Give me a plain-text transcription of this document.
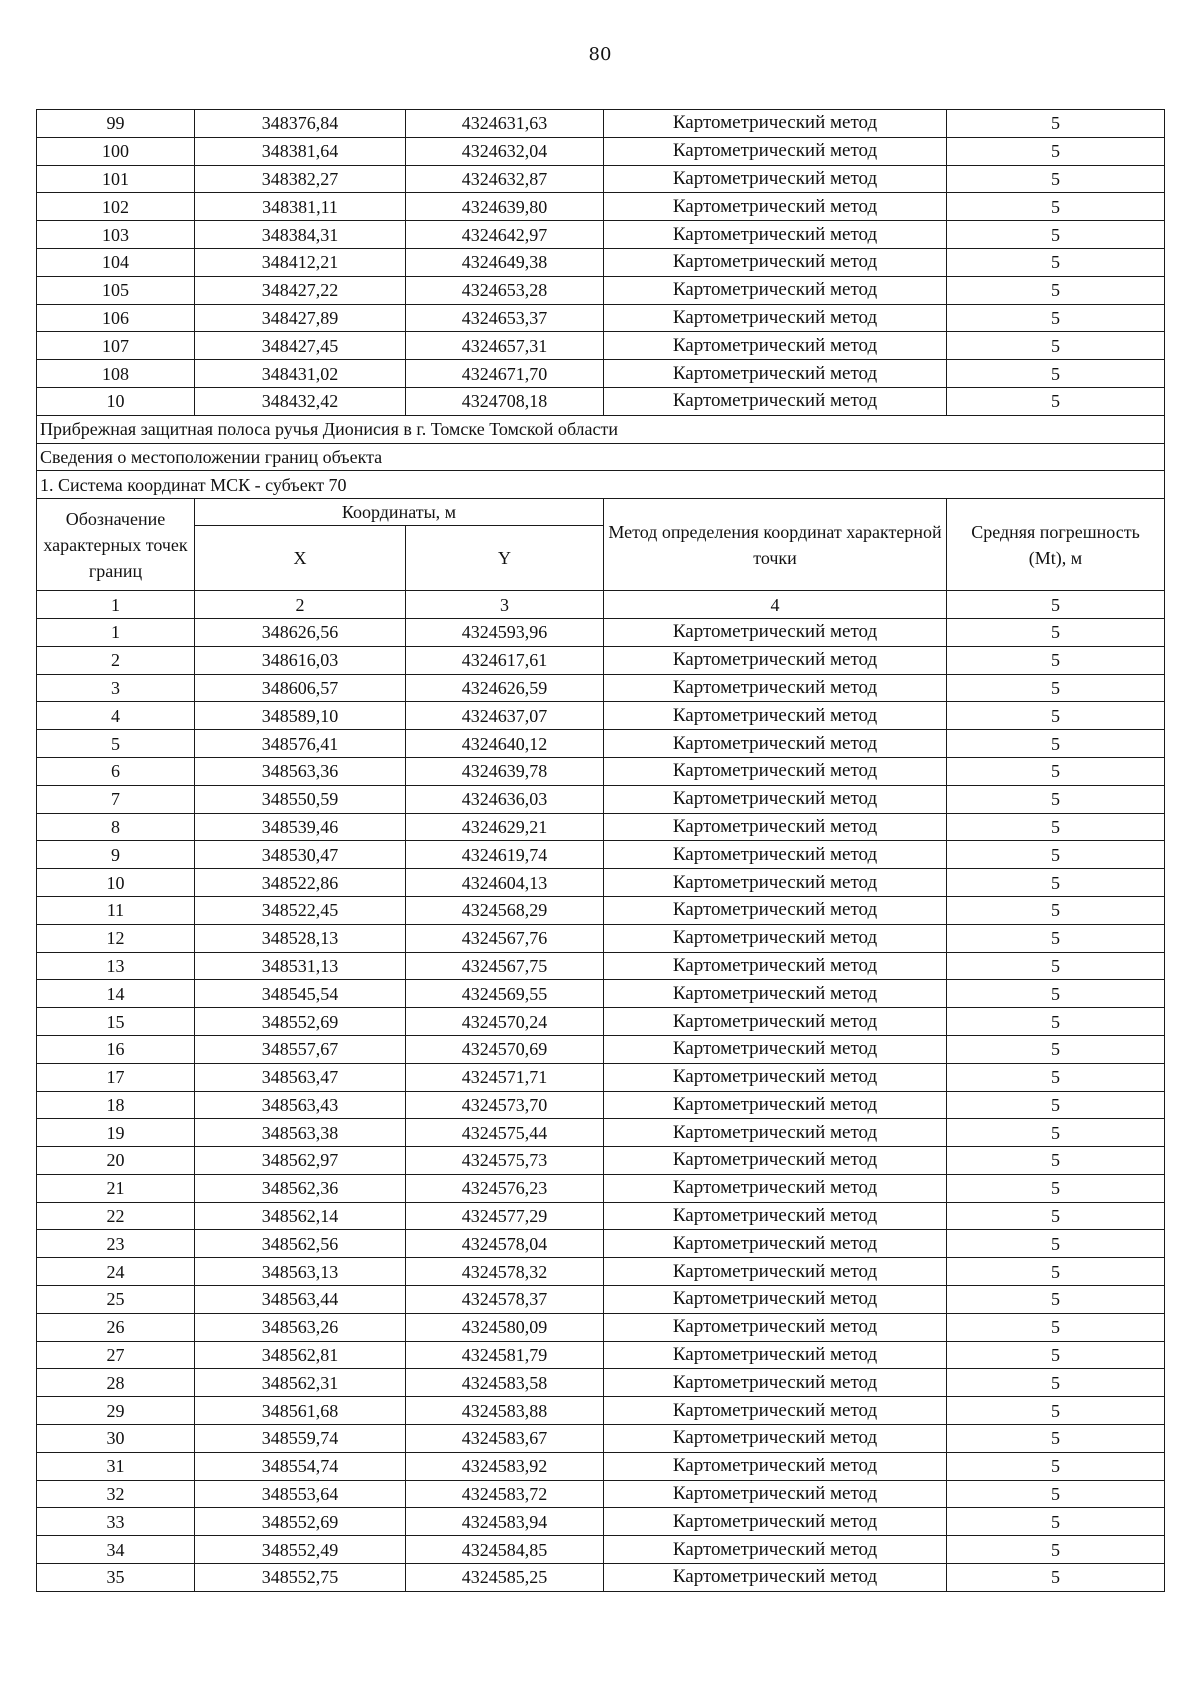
80
99	348376,84	4324631,63	Картометрический метод	5
100	348381,64	4324632,04	Картометрический метод	5
101	348382,27	4324632,87	Картометрический метод	5
102	348381,11	4324639,80	Картометрический метод	5
103	348384,31	4324642,97	Картометрический метод	5
104	348412,21	4324649,38	Картометрический метод	5
105	348427,22	4324653,28	Картометрический метод	5
106	348427,89	4324653,37	Картометрический метод	5
107	348427,45	4324657,31	Картометрический метод	5
108	348431,02	4324671,70	Картометрический метод	5
10	348432,42	4324708,18	Картометрический метод	5
Прибрежная защитная полоса ручья Дионисия в г. Томске Томской области				
Сведения о местоположении границ объекта				
1. Система координат МСК - субъект 70				
Обозначение характерных точек границ	Координаты, м		Метод определения координат характерной точки	Средняя погрешность (Mt), м
	X	Y		
1	2	3	4	5
1	348626,56	4324593,96	Картометрический метод	5
2	348616,03	4324617,61	Картометрический метод	5
3	348606,57	4324626,59	Картометрический метод	5
4	348589,10	4324637,07	Картометрический метод	5
5	348576,41	4324640,12	Картометрический метод	5
6	348563,36	4324639,78	Картометрический метод	5
7	348550,59	4324636,03	Картометрический метод	5
8	348539,46	4324629,21	Картометрический метод	5
9	348530,47	4324619,74	Картометрический метод	5
10	348522,86	4324604,13	Картометрический метод	5
11	348522,45	4324568,29	Картометрический метод	5
12	348528,13	4324567,76	Картометрический метод	5
13	348531,13	4324567,75	Картометрический метод	5
14	348545,54	4324569,55	Картометрический метод	5
15	348552,69	4324570,24	Картометрический метод	5
16	348557,67	4324570,69	Картометрический метод	5
17	348563,47	4324571,71	Картометрический метод	5
18	348563,43	4324573,70	Картометрический метод	5
19	348563,38	4324575,44	Картометрический метод	5
20	348562,97	4324575,73	Картометрический метод	5
21	348562,36	4324576,23	Картометрический метод	5
22	348562,14	4324577,29	Картометрический метод	5
23	348562,56	4324578,04	Картометрический метод	5
24	348563,13	4324578,32	Картометрический метод	5
25	348563,44	4324578,37	Картометрический метод	5
26	348563,26	4324580,09	Картометрический метод	5
27	348562,81	4324581,79	Картометрический метод	5
28	348562,31	4324583,58	Картометрический метод	5
29	348561,68	4324583,88	Картометрический метод	5
30	348559,74	4324583,67	Картометрический метод	5
31	348554,74	4324583,92	Картометрический метод	5
32	348553,64	4324583,72	Картометрический метод	5
33	348552,69	4324583,94	Картометрический метод	5
34	348552,49	4324584,85	Картометрический метод	5
35	348552,75	4324585,25	Картометрический метод	5
